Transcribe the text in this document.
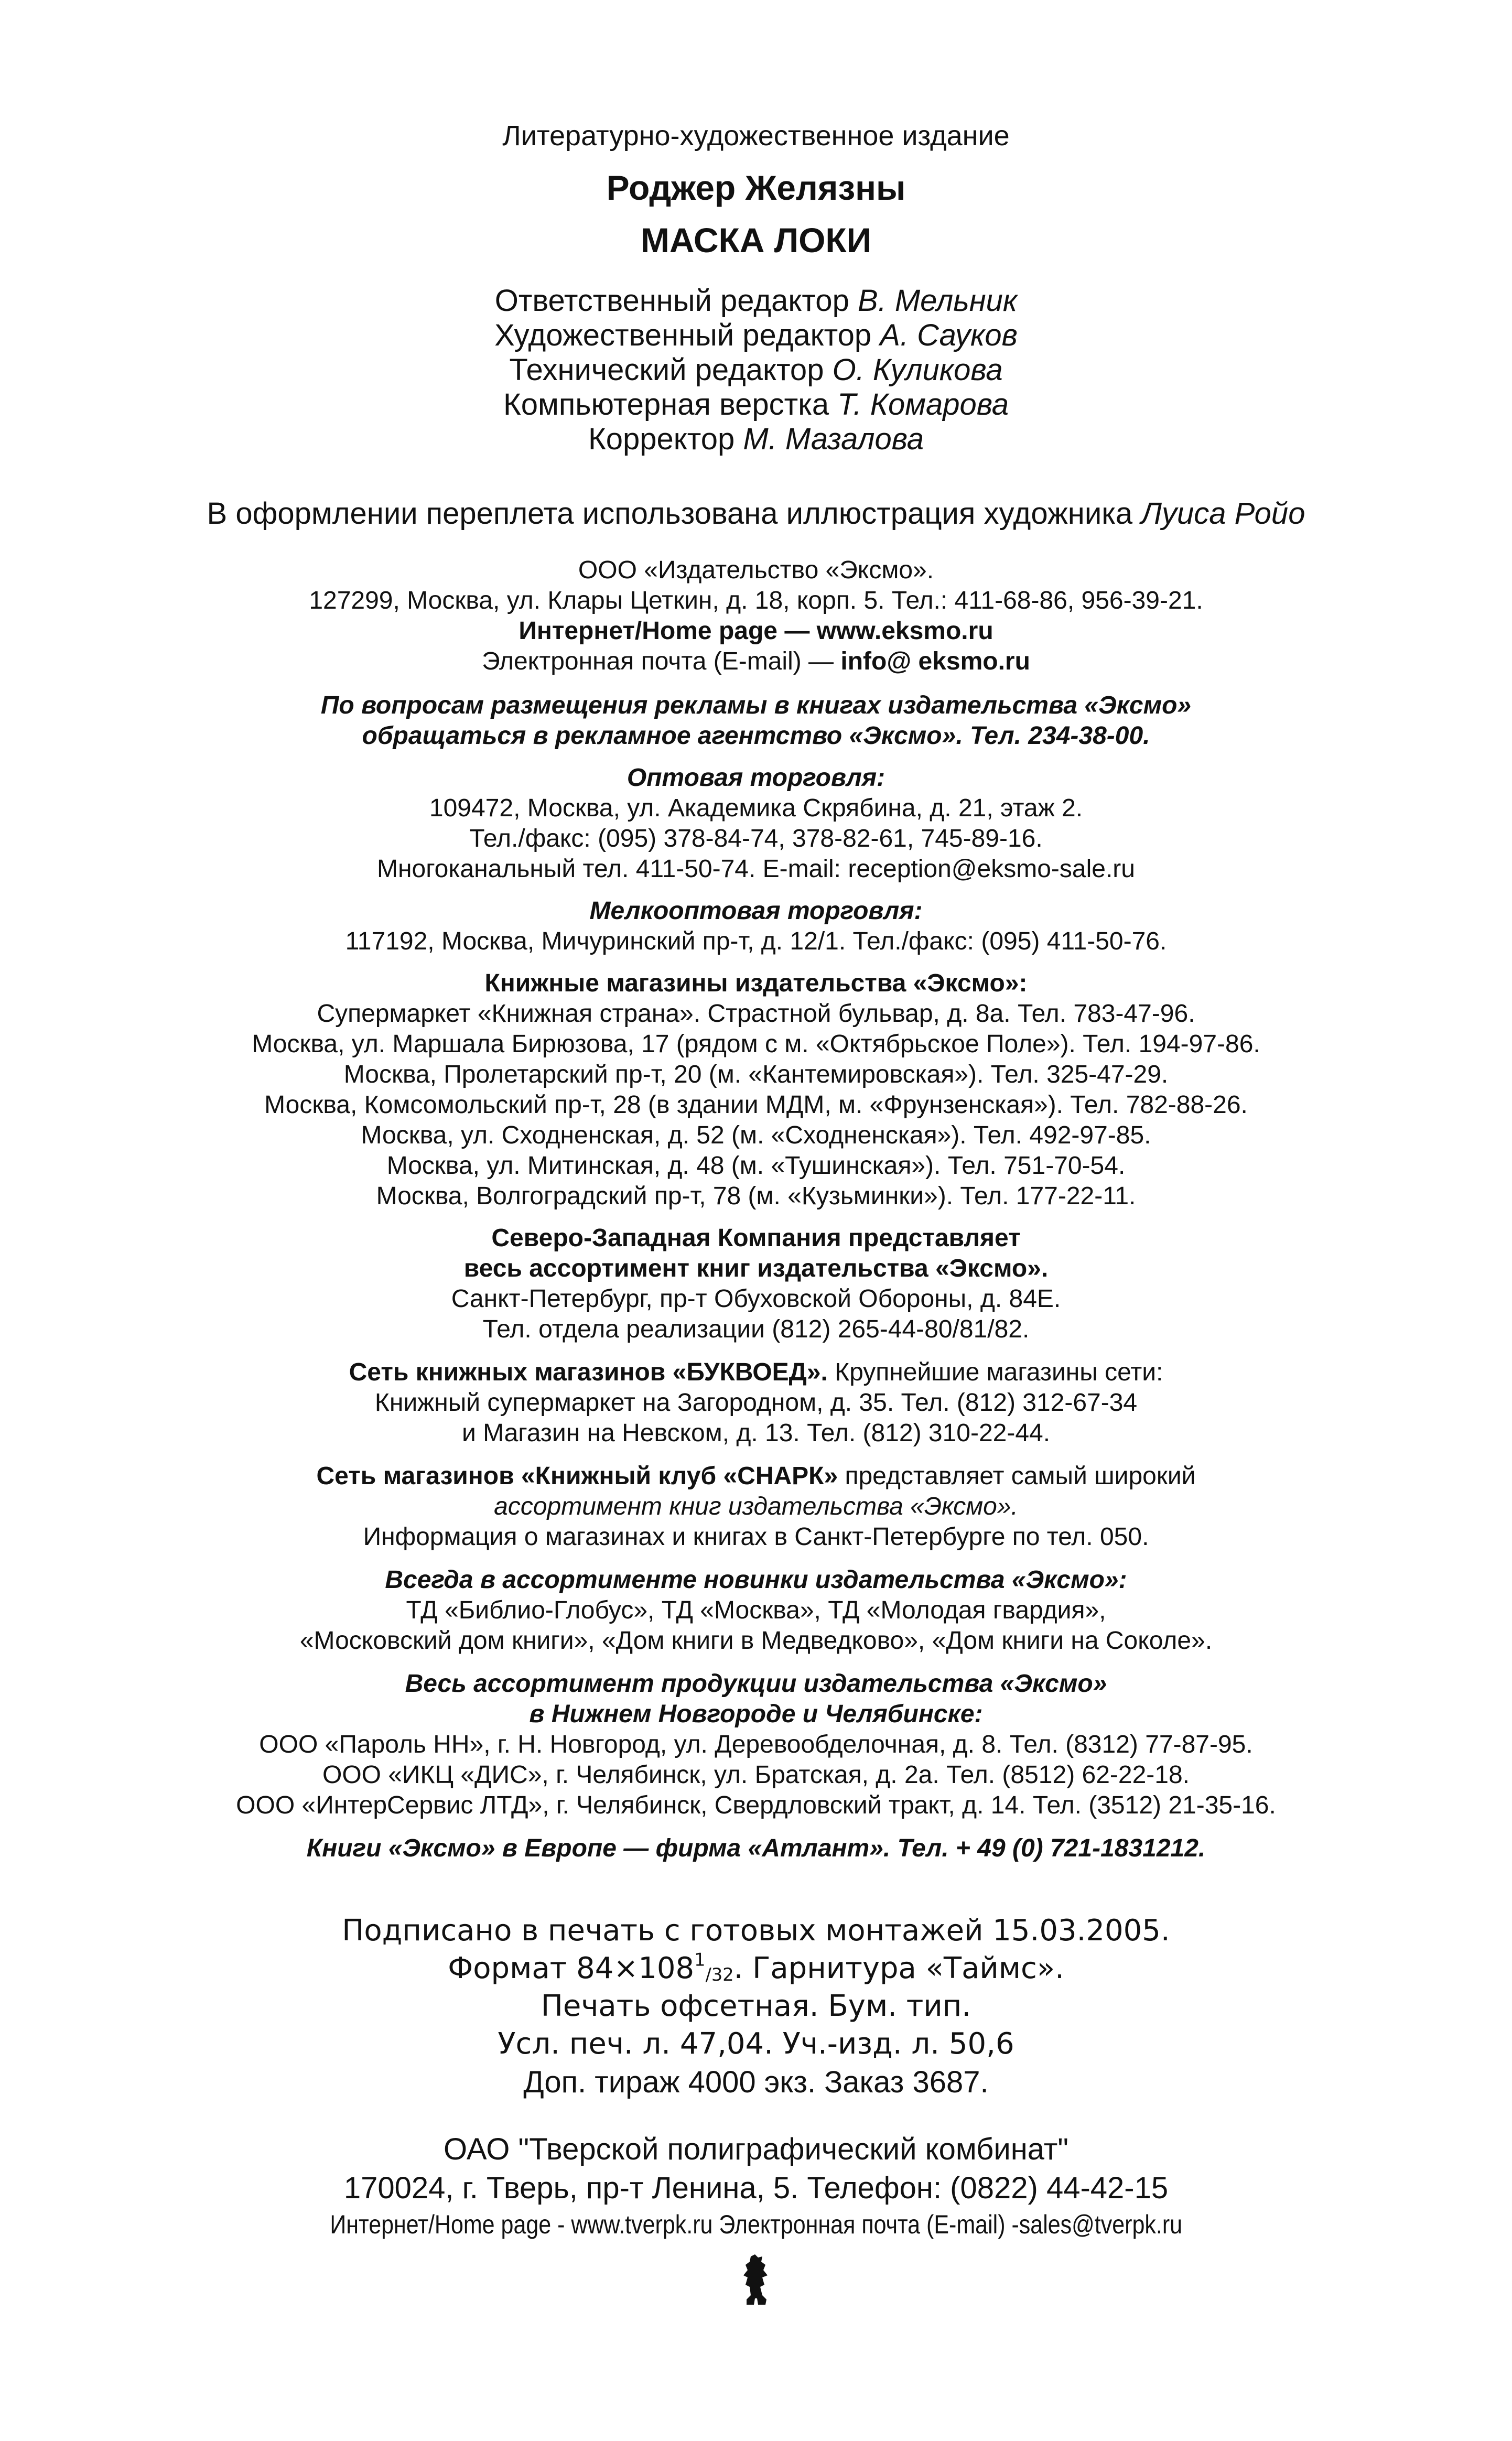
Литературно-художественное издание
Роджер Желязны
МАСКА ЛОКИ
Ответственный редактор В. Мельник
Художественный редактор А. Сауков
Технический редактор О. Куликова
Компьютерная верстка Т. Комарова
Корректор М. Мазалова
В оформлении переплета использована иллюстрация художника Луиса Ройо
ООО «Издательство «Эксмо».
127299, Москва, ул. Клары Цеткин, д. 18, корп. 5. Тел.: 411-68-86, 956-39-21.
Интернет/Home page — www.eksmo.ru
Электронная почта (E-mail) — info@ eksmo.ru
По вопросам размещения рекламы в книгах издательства «Эксмо»
обращаться в рекламное агентство «Эксмо». Тел. 234-38-00.
Оптовая торговля:
109472, Москва, ул. Академика Скрябина, д. 21, этаж 2.
Тел./факс: (095) 378-84-74, 378-82-61, 745-89-16.
Многоканальный тел. 411-50-74. E-mail: reception@eksmo-sale.ru
Мелкооптовая торговля:
117192, Москва, Мичуринский пр-т, д. 12/1. Тел./факс: (095) 411-50-76.
Книжные магазины издательства «Эксмо»:
Супермаркет «Книжная страна». Страстной бульвар, д. 8а. Тел. 783-47-96.
Москва, ул. Маршала Бирюзова, 17 (рядом с м. «Октябрьское Поле»). Тел. 194-97-86.
Москва, Пролетарский пр-т, 20 (м. «Кантемировская»). Тел. 325-47-29.
Москва, Комсомольский пр-т, 28 (в здании МДМ, м. «Фрунзенская»). Тел. 782-88-26.
Москва, ул. Сходненская, д. 52 (м. «Сходненская»). Тел. 492-97-85.
Москва, ул. Митинская, д. 48 (м. «Тушинская»). Тел. 751-70-54.
Москва, Волгоградский пр-т, 78 (м. «Кузьминки»). Тел. 177-22-11.
Северо-Западная Компания представляет
весь ассортимент книг издательства «Эксмо».
Санкт-Петербург, пр-т Обуховской Обороны, д. 84Е.
Тел. отдела реализации (812) 265-44-80/81/82.
Сеть книжных магазинов «БУКВОЕД». Крупнейшие магазины сети:
Книжный супермаркет на Загородном, д. 35. Тел. (812) 312-67-34
и Магазин на Невском, д. 13. Тел. (812) 310-22-44.
Сеть магазинов «Книжный клуб «СНАРК» представляет самый широкий
ассортимент книг издательства «Эксмо».
Информация о магазинах и книгах в Санкт-Петербурге по тел. 050.
Всегда в ассортименте новинки издательства «Эксмо»:
ТД «Библио-Глобус», ТД «Москва», ТД «Молодая гвардия»,
«Московский дом книги», «Дом книги в Медведково», «Дом книги на Соколе».
Весь ассортимент продукции издательства «Эксмо»
в Нижнем Новгороде и Челябинске:
ООО «Пароль НН», г. Н. Новгород, ул. Деревообделочная, д. 8. Тел. (8312) 77-87-95.
ООО «ИКЦ «ДИС», г. Челябинск, ул. Братская, д. 2а. Тел. (8512) 62-22-18.
ООО «ИнтерСервис ЛТД», г. Челябинск, Свердловский тракт, д. 14. Тел. (3512) 21-35-16.
Книги «Эксмо» в Европе — фирма «Атлант». Тел. + 49 (0) 721-1831212.
Подписано в печать с готовых монтажей 15.03.2005.
Формат $84\times 108^1_{/32}$. Гарнитура «Таймс».
Печать офсетная. Бум. тип.
Усл. печ. л. 47,04. Уч.-изд. л. 50,6
Доп. тираж 4000 экз. Заказ 3687.
ОАО "Тверской полиграфический комбинат"
170024, г. Тверь, пр-т Ленина, 5. Телефон: (0822) 44-42-15
Интернет/Home page - www.tverpk.ru Электронная почта (E-mail) -sales@tverpk.ru
